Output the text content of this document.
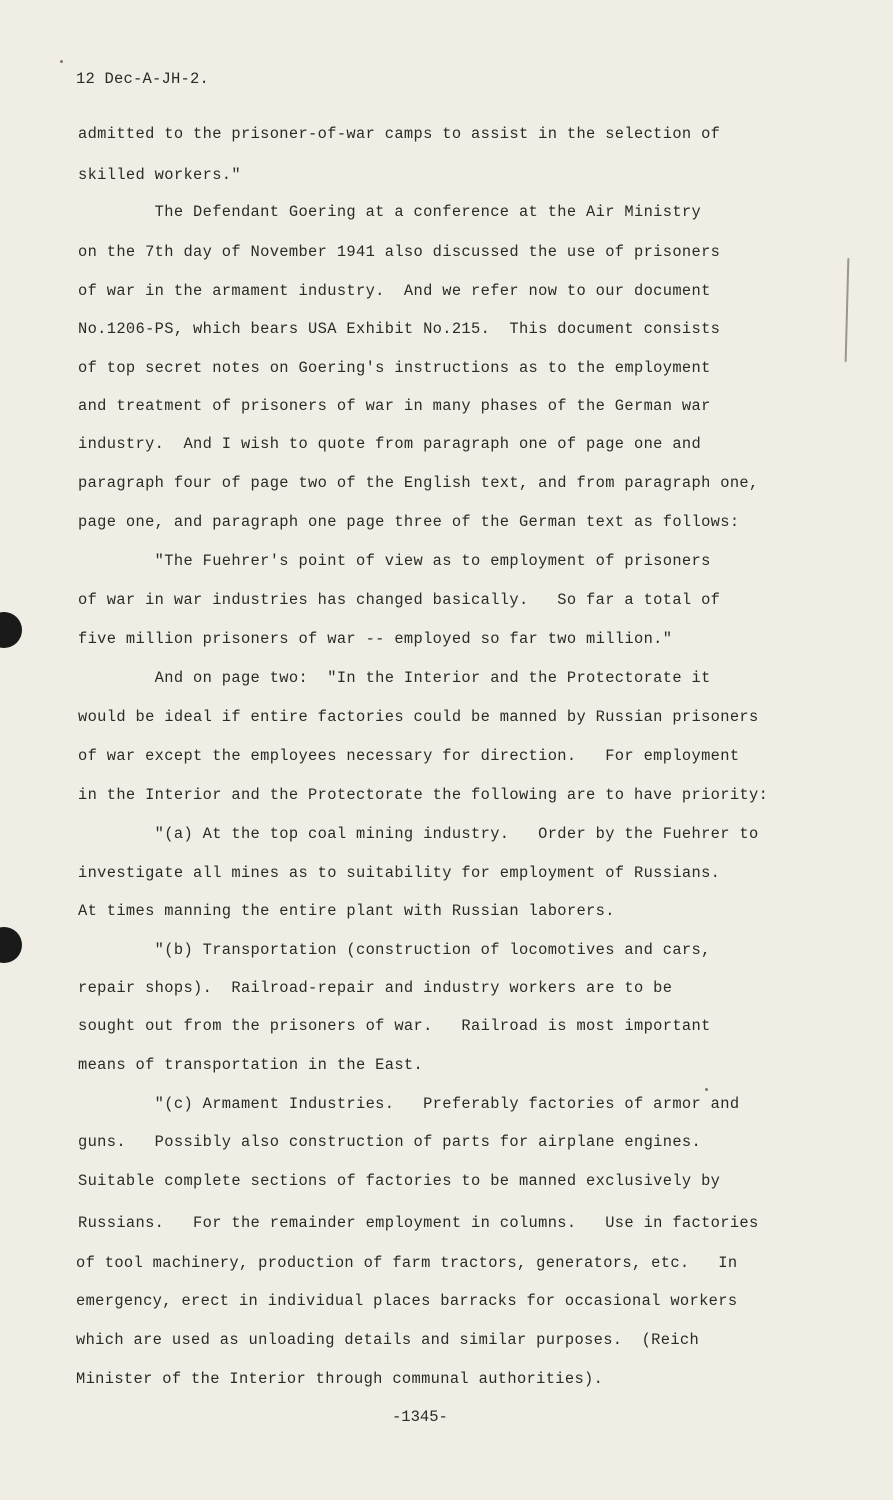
12 Dec-A-JH-2.
admitted to the prisoner-of-war camps to assist in the selection of
skilled workers."
The Defendant Goering at a conference at the Air Ministry
on the 7th day of November 1941 also discussed the use of prisoners
of war in the armament industry.  And we refer now to our document
No.1206-PS, which bears USA Exhibit No.215.  This document consists
of top secret notes on Goering's instructions as to the employment
and treatment of prisoners of war in many phases of the German war
industry.  And I wish to quote from paragraph one of page one and
paragraph four of page two of the English text, and from paragraph one,
page one, and paragraph one page three of the German text as follows:
"The Fuehrer's point of view as to employment of prisoners
of war in war industries has changed basically.   So far a total of
five million prisoners of war -- employed so far two million."
And on page two:  "In the Interior and the Protectorate it
would be ideal if entire factories could be manned by Russian prisoners
of war except the employees necessary for direction.   For employment
in the Interior and the Protectorate the following are to have priority:
"(a) At the top coal mining industry.   Order by the Fuehrer to
investigate all mines as to suitability for employment of Russians.
At times manning the entire plant with Russian laborers.
"(b) Transportation (construction of locomotives and cars,
repair shops).  Railroad-repair and industry workers are to be
sought out from the prisoners of war.   Railroad is most important
means of transportation in the East.
"(c) Armament Industries.   Preferably factories of armor and
guns.   Possibly also construction of parts for airplane engines.
Suitable complete sections of factories to be manned exclusively by
Russians.   For the remainder employment in columns.   Use in factories
of tool machinery, production of farm tractors, generators, etc.   In
emergency, erect in individual places barracks for occasional workers
which are used as unloading details and similar purposes.  (Reich
Minister of the Interior through communal authorities).
-1345-
